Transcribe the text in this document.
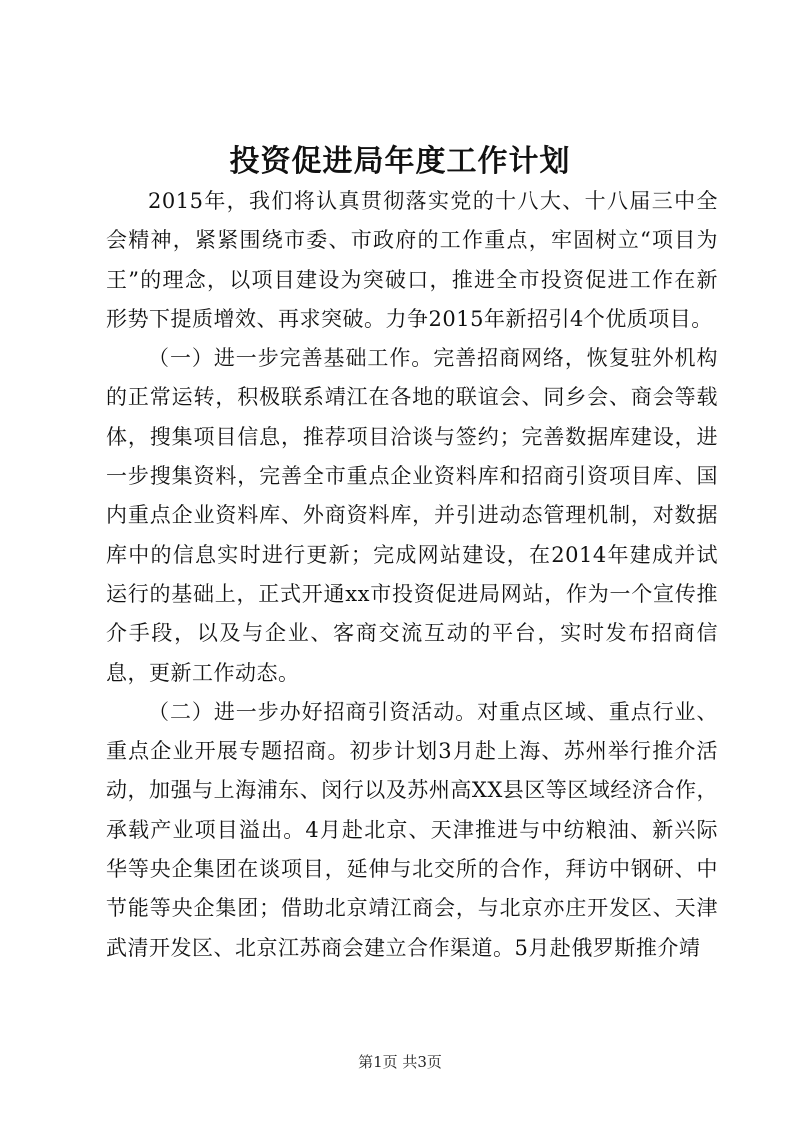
投资促进局年度工作计划

2015年，我们将认真贯彻落实党的十八大、十八届三中全会精神，紧紧围绕市委、市政府的工作重点，牢固树立“项目为王”的理念，以项目建设为突破口，推进全市投资促进工作在新形势下提质增效、再求突破。力争2015年新招引4个优质项目。

（一）进一步完善基础工作。完善招商网络，恢复驻外机构的正常运转，积极联系靖江在各地的联谊会、同乡会、商会等载体，搜集项目信息，推荐项目洽谈与签约；完善数据库建设，进一步搜集资料，完善全市重点企业资料库和招商引资项目库、国内重点企业资料库、外商资料库，并引进动态管理机制，对数据库中的信息实时进行更新；完成网站建设，在2014年建成并试运行的基础上，正式开通xx市投资促进局网站，作为一个宣传推介手段，以及与企业、客商交流互动的平台，实时发布招商信息，更新工作动态。

（二）进一步办好招商引资活动。对重点区域、重点行业、重点企业开展专题招商。初步计划3月赴上海、苏州举行推介活动，加强与上海浦东、闵行以及苏州高XX县区等区域经济合作，承载产业项目溢出。4月赴北京、天津推进与中纺粮油、新兴际华等央企集团在谈项目，延伸与北交所的合作，拜访中钢研、中节能等央企集团；借助北京靖江商会，与北京亦庄开发区、天津武清开发区、北京江苏商会建立合作渠道。5月赴俄罗斯推介靖

第1页 共3页
